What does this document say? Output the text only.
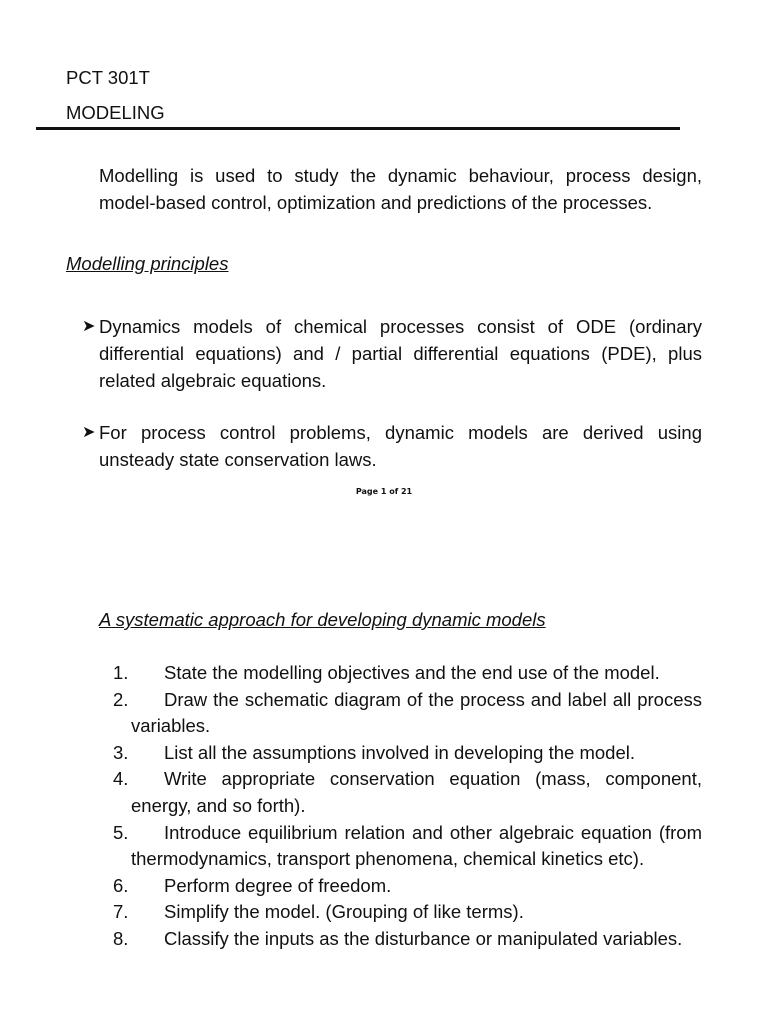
PCT 301T
MODELING
Modelling is used to study the dynamic behaviour, process design, model-based control, optimization and predictions of the processes.
Modelling principles
➤ Dynamics models of chemical processes consist of ODE (ordinary differential equations) and / partial differential equations (PDE), plus related algebraic equations.
➤ For process control problems, dynamic models are derived using unsteady state conservation laws.
Page 1 of 21
A systematic approach for developing dynamic models
1. State the modelling objectives and the end use of the model.
2. Draw the schematic diagram of the process and label all process variables.
3. List all the assumptions involved in developing the model.
4. Write appropriate conservation equation (mass, component, energy, and so forth).
5. Introduce equilibrium relation and other algebraic equation (from thermodynamics, transport phenomena, chemical kinetics etc).
6. Perform degree of freedom.
7. Simplify the model. (Grouping of like terms).
8. Classify the inputs as the disturbance or manipulated variables.
